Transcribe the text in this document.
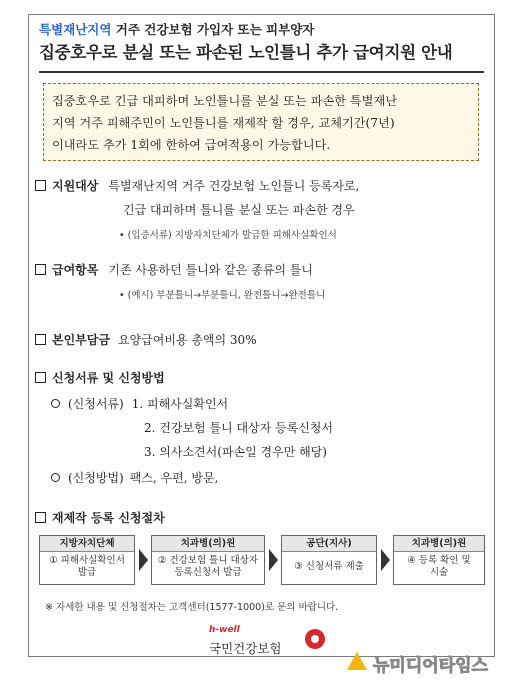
특별재난지역 거주 건강보험 가입자 또는 피부양자
집중호우로 분실 또는 파손된 노인틀니 추가 급여지원 안내
집중호우로 긴급 대피하며 노인틀니를 분실 또는 파손한 특별재난
지역 거주 피해주민이 노인틀니를 재제작 할 경우, 교체기간(7년)
이내라도 추가 1회에 한하여 급여적용이 가능합니다.
지원대상 특별재난지역 거주 건강보험 노인틀니 등록자로,
긴급 대피하며 틀니를 분실 또는 파손한 경우
• (입증서류) 지방자치단체가 발급한 피해사실확인서
급여항목 기존 사용하던 틀니와 같은 종류의 틀니
• (예시) 부분틀니→부분틀니, 완전틀니→완전틀니
본인부담금 요양급여비용 총액의 30%
신청서류 및 신청방법
(신청서류) 1. 피해사실확인서
2. 건강보험 틀니 대상자 등록신청서
3. 의사소견서(파손일 경우만 해당)
(신청방법) 팩스, 우편, 방문,
재제작 등록 신청절차
지방자치단체
① 피해사실확인서
발급
치과병(의)원
② 건강보험 틀니 대상자
등록신청서 발급
공단(지사)
③ 신청서류 제출
치과병(의)원
④ 등록 확인 및
시술
※ 자세한 내용 및 신청절차는 고객센터(1577-1000)로 문의 바랍니다.
h-well
국민건강보험
뉴미디어타임스
